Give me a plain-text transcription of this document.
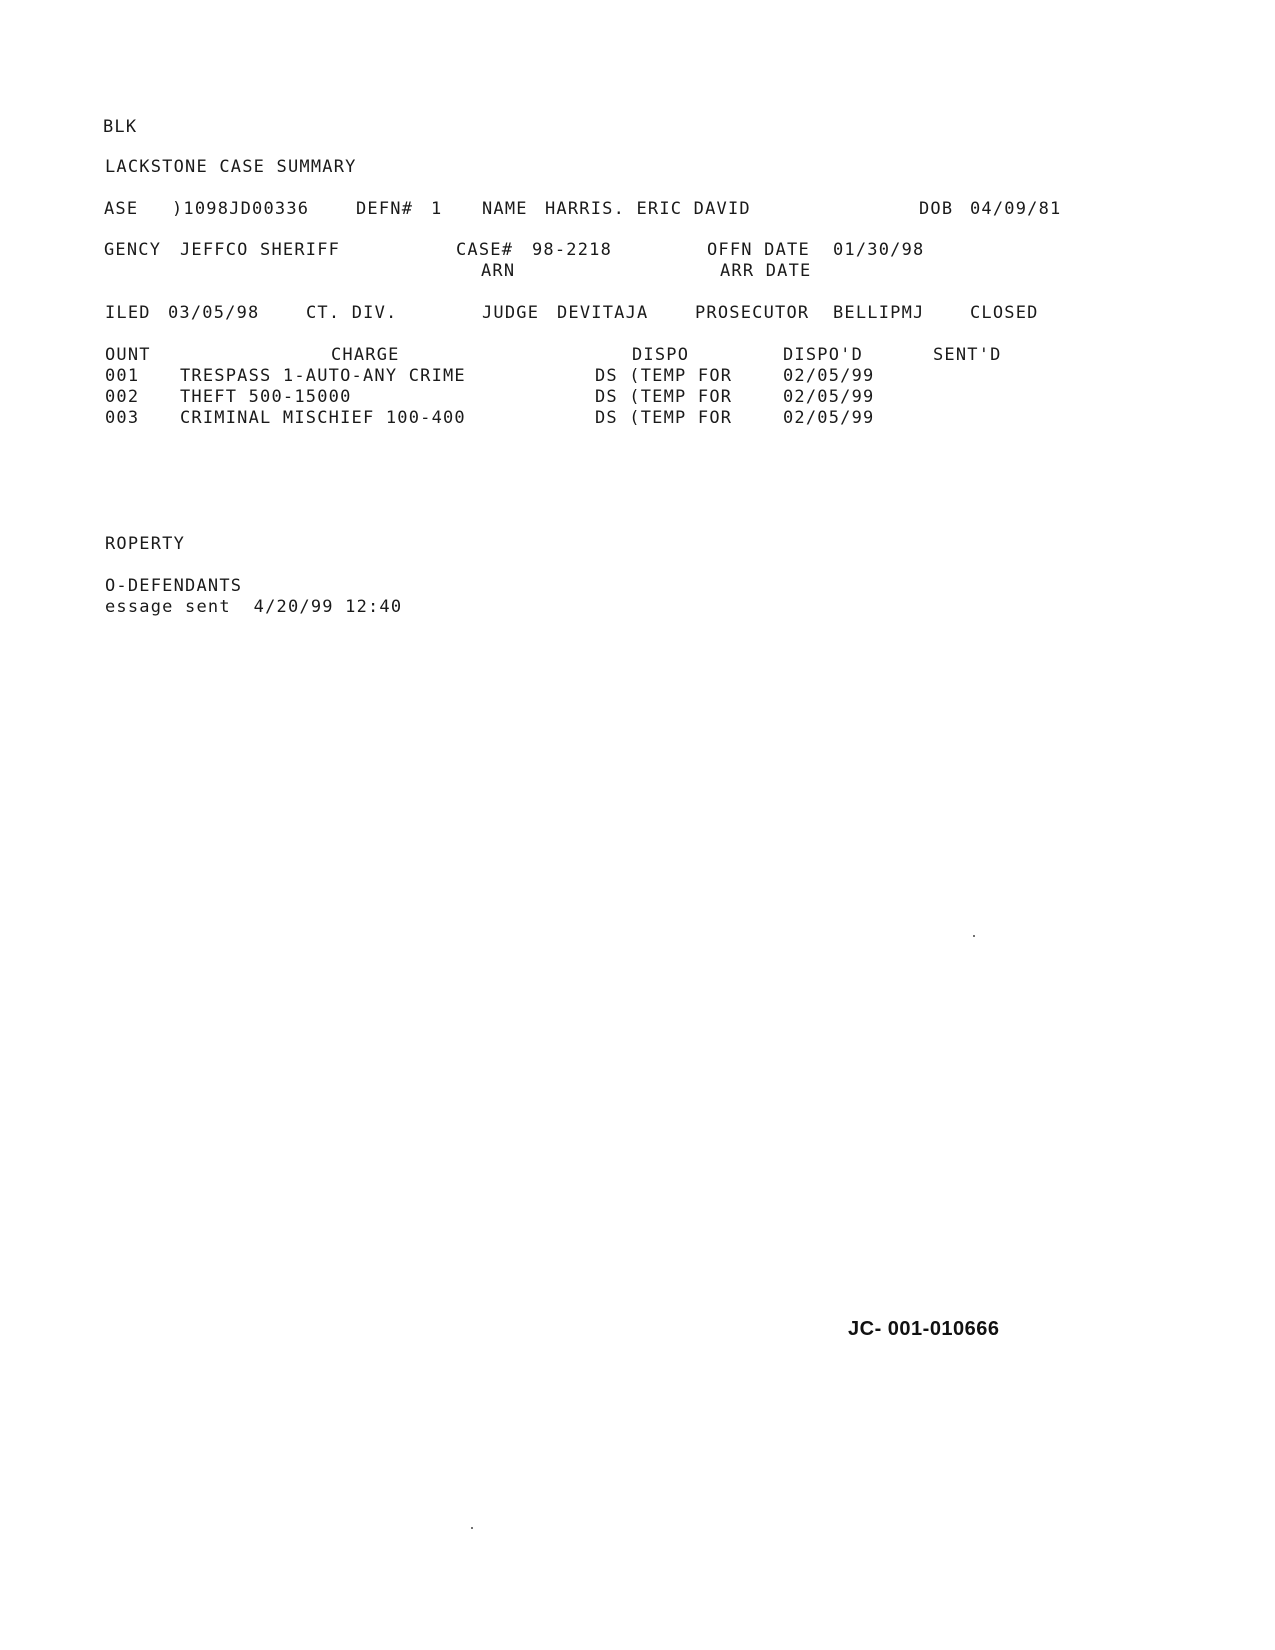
BLK
LACKSTONE CASE SUMMARY
ASE )1098JD00336	DEFN# 1 NAME HARRIS. ERIC DAVID	DOB 04/09/81
GENCY JEFFCO SHERIFF	CASE# 98-2218
ARN
OFFN DATE 01/30/98
ARR DATE
ILED 03/05/98	CT. DIV.	JUDGE DEVITAJA	PROSECUTOR BELLIPMJ	CLOSED
OUNT	CHARGE	DISPO	DISPO'D	SENT'D
001 TRESPASS 1-AUTO-ANY CRIME	DS (TEMP FOR	02/05/99
002 THEFT 500-15000	DS (TEMP FOR	02/05/99
003 CRIMINAL MISCHIEF 100-400	DS (TEMP FOR	02/05/99
ROPERTY
O-DEFENDANTS
essage sent  4/20/99 12:40
JC- 001-010666
